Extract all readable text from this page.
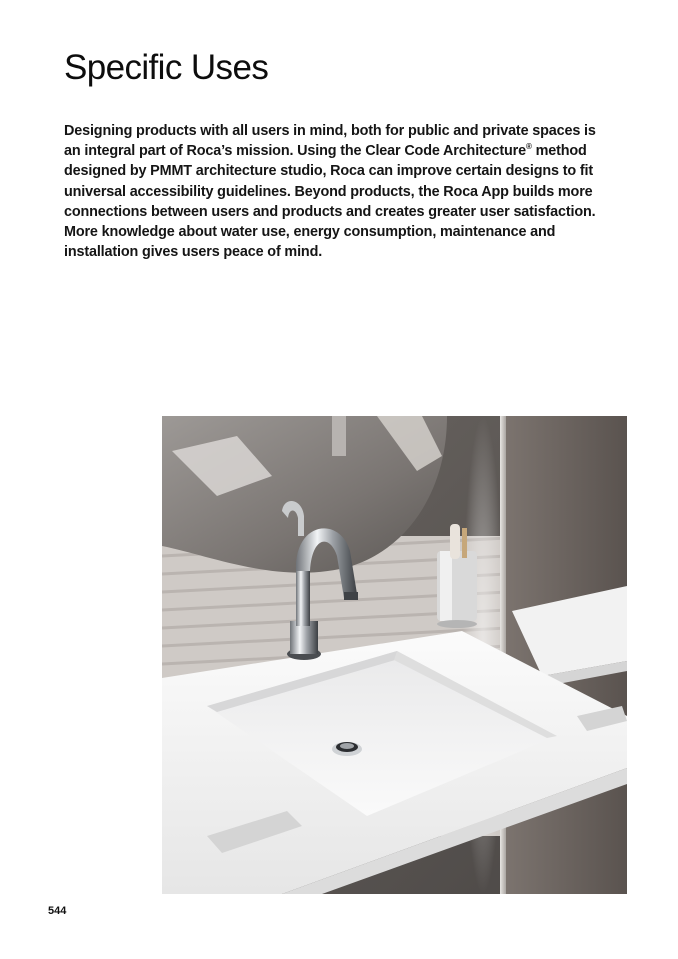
Specific Uses

Designing products with all users in mind, both for public and private spaces is an integral part of Roca’s mission. Using the Clear Code Architecture® method designed by PMMT architecture studio, Roca can improve certain designs to fit universal accessibility guidelines. Beyond products, the Roca App builds more connections between users and products and creates greater user satisfaction. More knowledge about water use, energy consumption, maintenance and installation gives users peace of mind.

544
